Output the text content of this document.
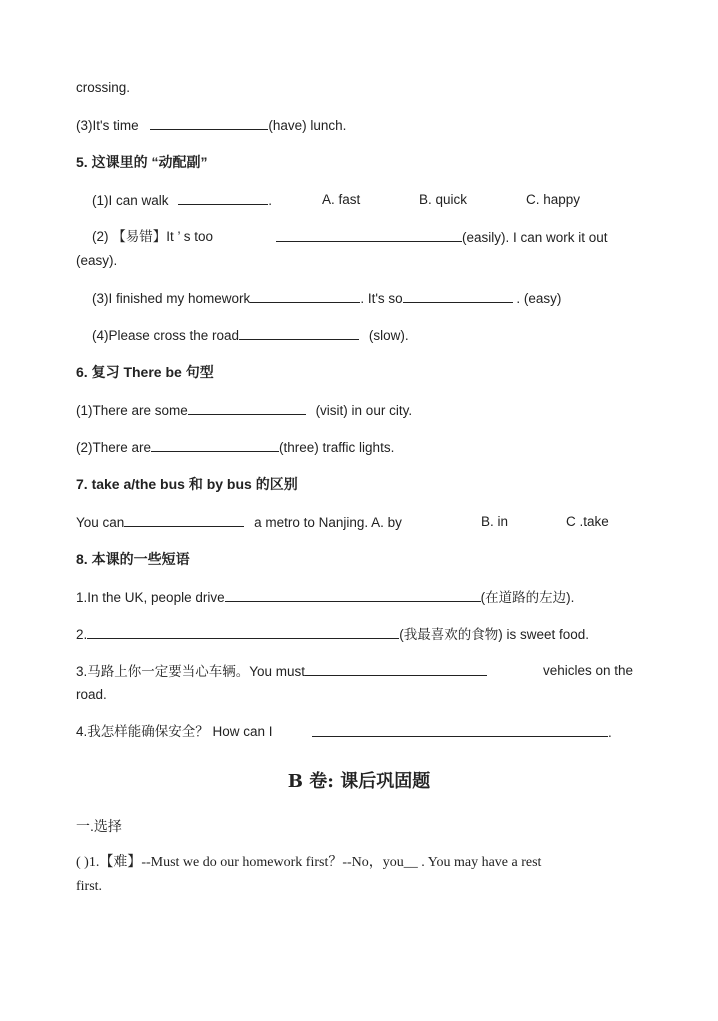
crossing.
(3)It's time	(have) lunch.
5. 这课里的 “动配副”
(1)I can walk	.	A. fast	B. quick	C. happy
(2) 【易错】It ’ s too	(easily). I can work it out
(easy).
(3)I finished my homework	. It's so	. (easy)
(4)Please cross the road	(slow).
6. 复习 There be 句型
(1)There are some	(visit) in our city.
(2)There are	(three) traffic lights.
7. take a/the bus 和 by bus 的区别
You can	a metro to Nanjing. A. by	B. in	C .take
8. 本课的一些短语
1.In the UK, people drive	(在道路的左边).
2.	(我最喜欢的食物) is sweet food.
3.马路上你一定要当心车辆。You must	vehicles on the
road.
4.我怎样能确保安全？ How can I	.
B 卷: 课后巩固题
一.选择
( )1.【难】--Must we do our homework first？--No，you__ . You may have a rest
first.
